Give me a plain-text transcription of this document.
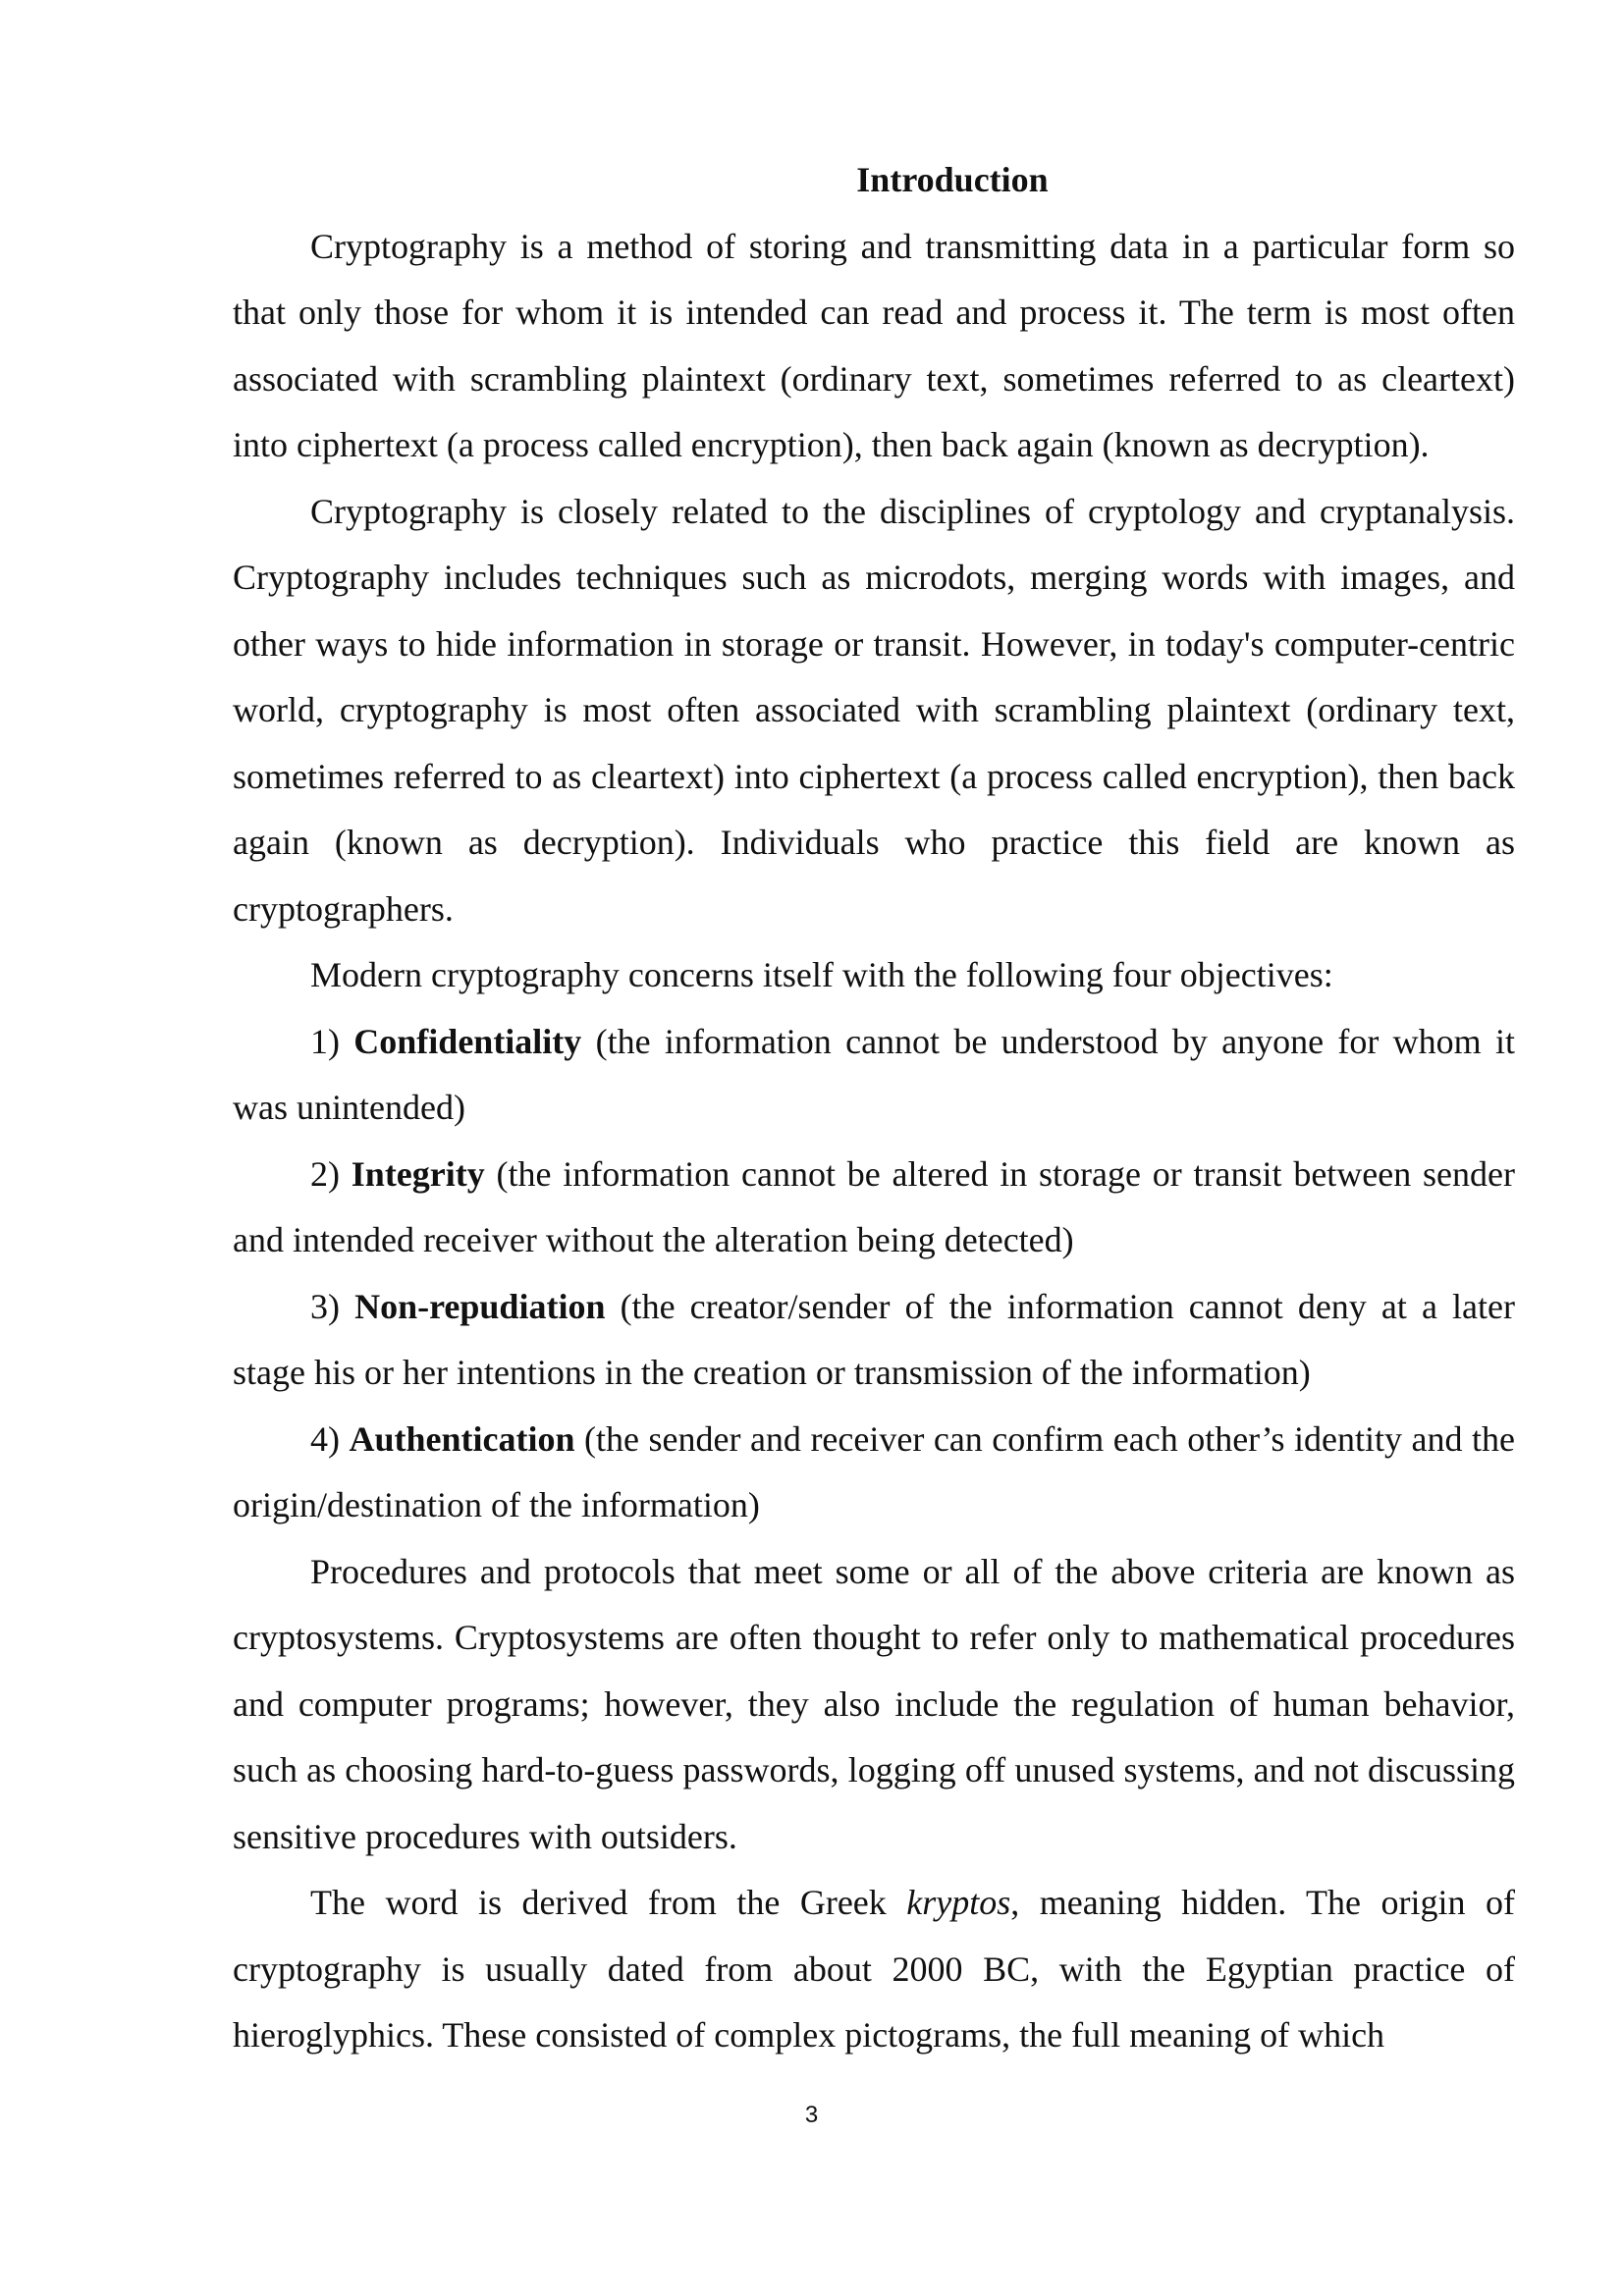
Introduction

Cryptography is a method of storing and transmitting data in a particular form so that only those for whom it is intended can read and process it. The term is most often associated with scrambling plaintext (ordinary text, sometimes referred to as cleartext) into ciphertext (a process called encryption), then back again (known as decryption).

Cryptography is closely related to the disciplines of cryptology and cryptanalysis. Cryptography includes techniques such as microdots, merging words with images, and other ways to hide information in storage or transit. However, in today's computer-centric world, cryptography is most often associated with scrambling plaintext (ordinary text, sometimes referred to as cleartext) into ciphertext (a process called encryption), then back again (known as decryption). Individuals who practice this field are known as cryptographers.

Modern cryptography concerns itself with the following four objectives:

1) Confidentiality (the information cannot be understood by anyone for whom it was unintended)

2) Integrity (the information cannot be altered in storage or transit between sender and intended receiver without the alteration being detected)

3) Non-repudiation (the creator/sender of the information cannot deny at a later stage his or her intentions in the creation or transmission of the information)

4) Authentication (the sender and receiver can confirm each other’s identity and the origin/destination of the information)

Procedures and protocols that meet some or all of the above criteria are known as cryptosystems. Cryptosystems are often thought to refer only to mathematical procedures and computer programs; however, they also include the regulation of human behavior, such as choosing hard-to-guess passwords, logging off unused systems, and not discussing sensitive procedures with outsiders.

The word is derived from the Greek kryptos, meaning hidden. The origin of cryptography is usually dated from about 2000 BC, with the Egyptian practice of hieroglyphics. These consisted of complex pictograms, the full meaning of which

3
